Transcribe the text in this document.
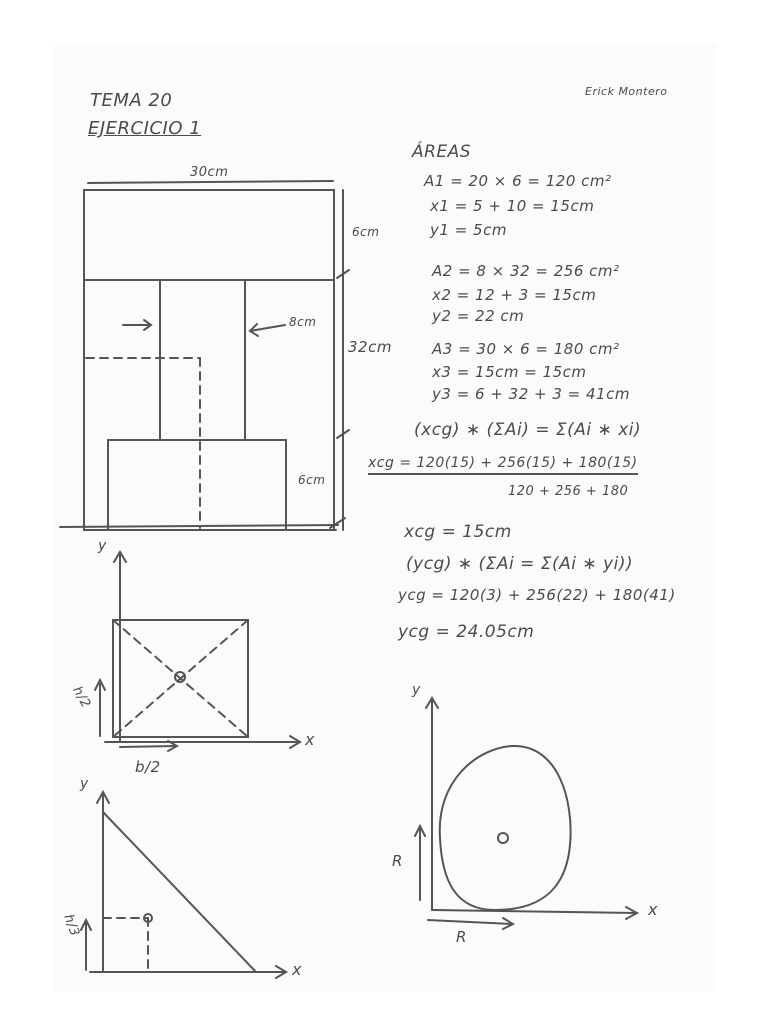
TEMA 20
EJERCICIO 1
Erick Montero
30cm
6cm
8cm
32cm
6cm
ÁREAS
A1 = 20 × 6 = 120 cm²
x1 = 5 + 10 = 15cm
y1 = 5cm
A2 = 8 × 32 = 256 cm²
x2 = 12 + 3 = 15cm
y2 = 22 cm
A3 = 30 × 6 = 180 cm²
x3 = 15cm = 15cm
y3 = 6 + 32 + 3 = 41cm
(xcg) ∗ (ΣAi) = Σ(Ai ∗ xi)
xcg = 120(15) + 256(15) + 180(15)
120 + 256 + 180
xcg = 15cm
(ycg) ∗ (ΣAi = Σ(Ai ∗ yi))
ycg = 120(3) + 256(22) + 180(41)
ycg = 24.05cm
y
x
h/2
b/2
y
x
h/3
y
x
R
R
